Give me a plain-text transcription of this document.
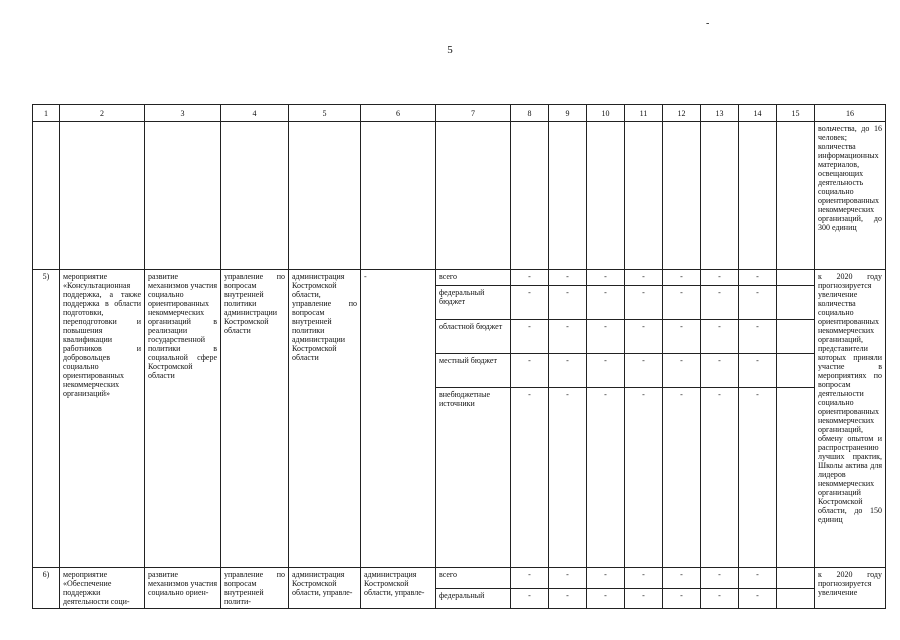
-
5
1	2	3	4	5	6	7	8	9	10	11	12	13	14	15	16
															вольчества, до 16 человек; количества информационных материалов, освещающих деятельность социально ориентированных некоммерческих организаций, до 300 единиц
5)	мероприятие «Консультационная поддержка, а также поддержка в области подготовки, переподготовки и повышения квалификации работников и добровольцев социально ориентированных некоммерческих организаций»	развитие механизмов участия социально ориентированных некоммерческих организаций в реализации государственной политики в социальной сфере Костромской области	управление по вопросам внутренней политики администрации Костромской области	администрация Костромской области, управление по вопросам внутренней политики администрации Костромской области	-	всего	-	-	-	-	-	-	-		к 2020 году прогнозируется увеличение количества социально ориентированных некоммерческих организаций, представители которых приняли участие в мероприятиях по вопросам деятельности социально ориентированных некоммерческих организаций, обмену опытом и распространению лучших практик, Школы актива для лидеров некоммерческих организаций Костромской области, до 150 единиц
						федеральный бюджет	-	-	-	-	-	-	-		
						областной бюджет	-	-	-	-	-	-	-		
						местный бюджет	-	-	-	-	-	-	-		
						внебюджетные источники	-	-	-	-	-	-	-		
6)	мероприятие «Обеспечение поддержки деятельности соци-	развитие механизмов участия социально ориен-	управление по вопросам внутренней полити-	администрация Костромской области, управле-	администрация Костромской области, управле-	всего	-	-	-	-	-	-	-		к 2020 году прогнозируется увеличение
						федеральный	-	-	-	-	-	-	-		
